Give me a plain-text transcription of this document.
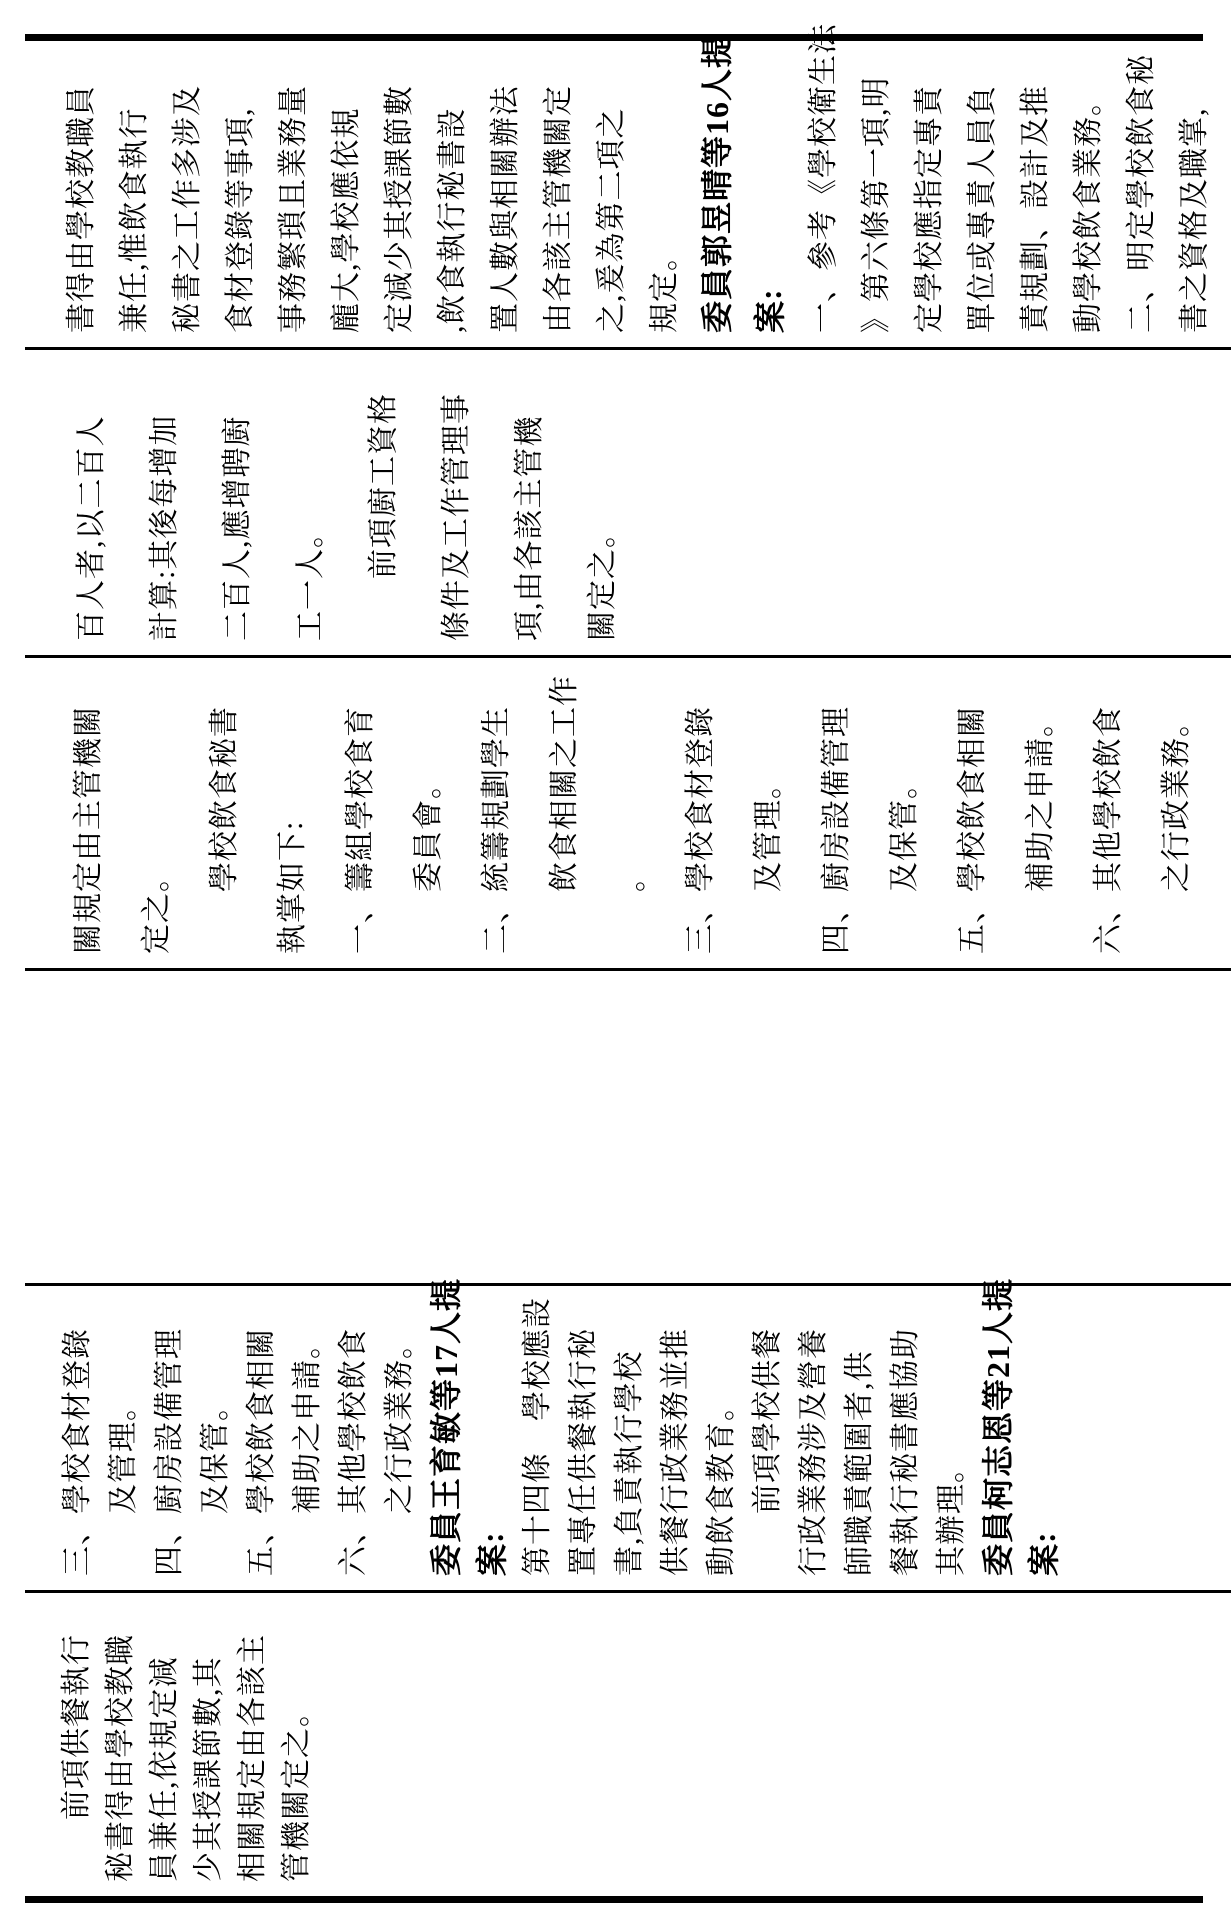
　　前項供餐執行 秘書得由學校教職 員兼任,依規定減 少其授課節數,其 相關規定由各該主 管機關定之。
三、學校食材登錄 　　及管理。 四、廚房設備管理 　　及保管。 五、學校飲食相關 　　補助之申請。 六、其他學校飲食 　　之行政業務。 委員王育敏等17人提 案: 第十四條　學校應設 置專任供餐執行秘 書,負責執行學校 供餐行政業務並推 動飲食教育。 　　前項學校供餐 行政業務涉及營養 師職責範圍者,供 餐執行秘書應協助 其辦理。 委員柯志恩等21人提 案:
關規定由主管機關	定之。	　　學校飲食秘書	執掌如下:	一、籌組學校食育	　　委員會。	二、統籌規劃學生	　　飲食相關之工作	　　。	三、學校食材登錄	　　及管理。	四、廚房設備管理	　　及保管。	五、學校飲食相關	　　補助之申請。	六、其他學校飲食	　　之行政業務。
百人者,以二百人	計算:其後每增加	二百人,應增聘廚	工一人。	　　前項廚工資格	條件及工作管理事	項,由各該主管機	關定之。
書得由學校教職員 兼任,惟飲食執行 秘書之工作多涉及 食材登錄等事項, 事務繁瑣且業務量 龐大,學校應依規 定減少其授課節數 ,飲食執行秘書設 置人數與相關辦法 由各該主管機關定 之,爰為第二項之 規定。 委員郭昱晴等16人提 案: 一、參考《學校衛生法 》第六條第一項,明 定學校應指定專責 單位或專責人員負 責規劃、設計及推 動學校飲食業務。 二、明定學校飲食秘 書之資格及職掌,
